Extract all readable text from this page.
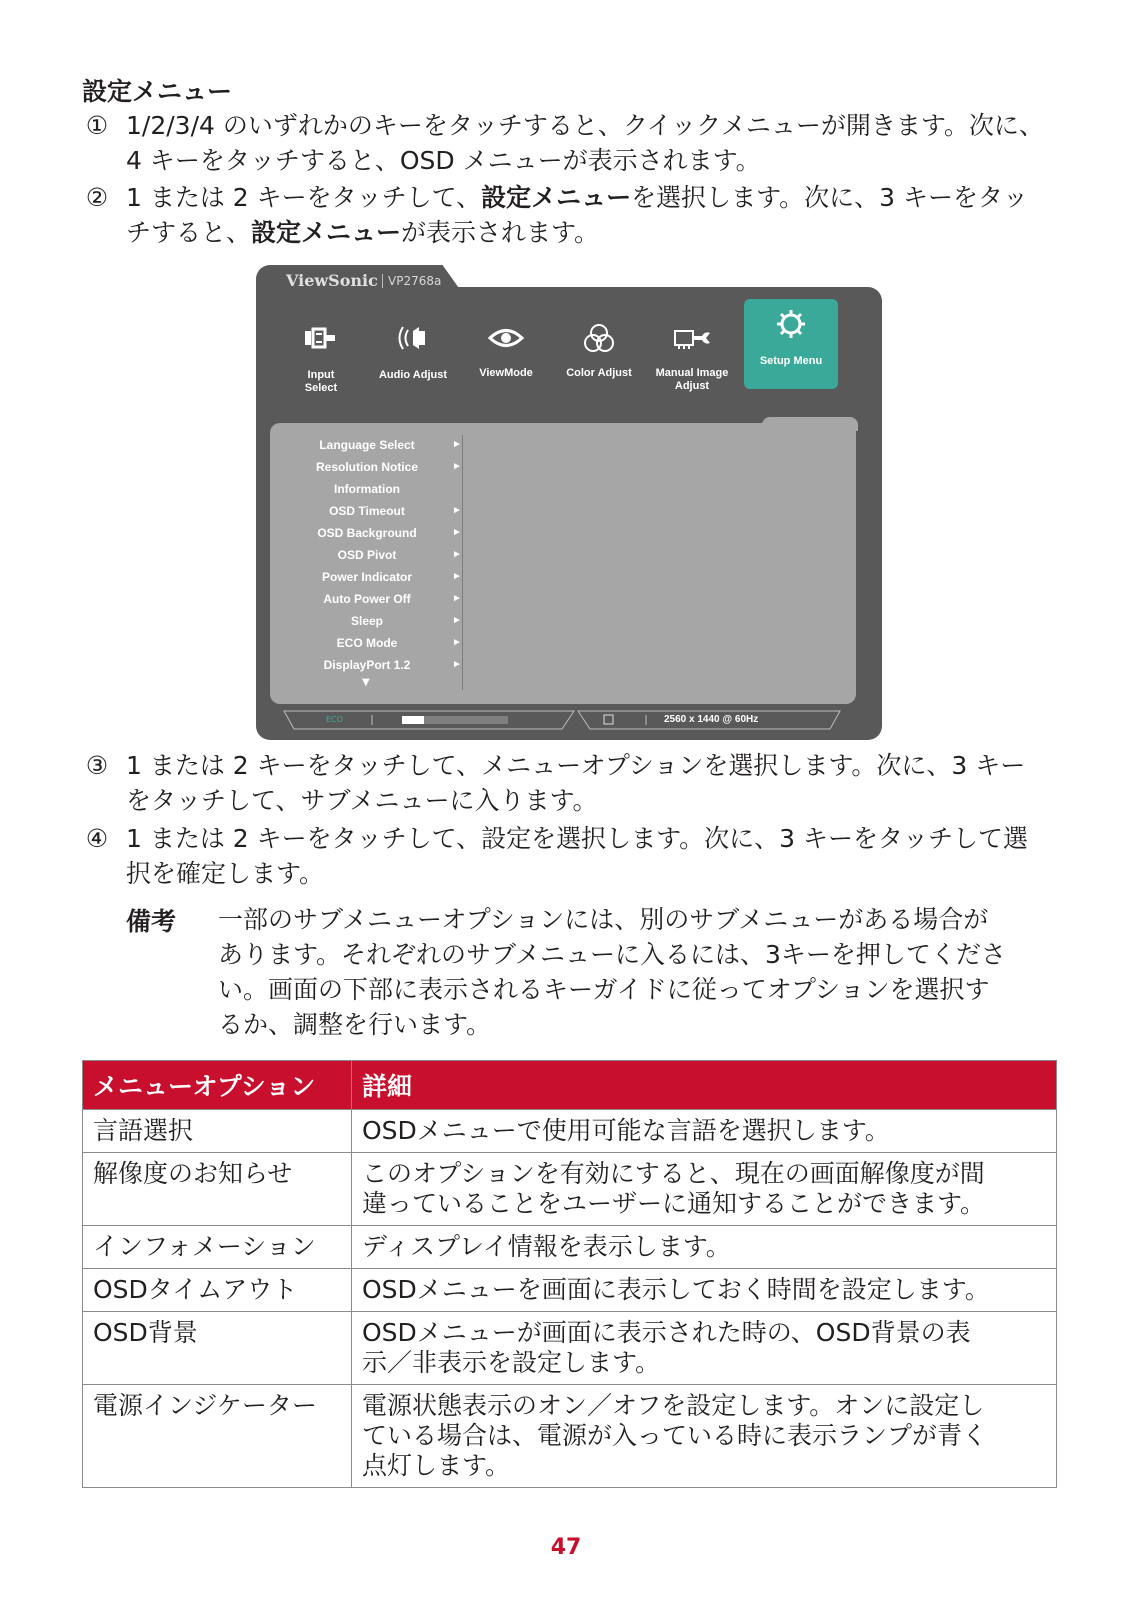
設定メニュー
① 1/2/3/4 のいずれかのキーをタッチすると、クイックメニューが開きます。次に、
4 キーをタッチすると、OSD メニューが表示されます。
② 1 または 2 キーをタッチして、設定メニューを選択します。次に、3 キーをタッ
チすると、設定メニューが表示されます。
Input
Select
Audio Adjust	ViewMode	Color Adjust	Manual Image
Adjust
Setup Menu
Language Select	►
Resolution Notice	►
Information
OSD Timeout	►
OSD Background	►
OSD Pivot	►
Power Indicator	►
Auto Power Off	►
Sleep	►
ECO Mode	►
DisplayPort 1.2	►
▼
ECO	2560 x 1440 @ 60Hz
ViewSonic VP2768a
③ 1 または 2 キーをタッチして、メニューオプションを選択します。次に、3 キー
をタッチして、サブメニューに入ります。
④ 1 または 2 キーをタッチして、設定を選択します。次に、3 キーをタッチして選
択を確定します。
備考 一部のサブメニューオプションには、別のサブメニューがある場合が
あります。それぞれのサブメニューに入るには、3キーを押してくださ
い。画面の下部に表示されるキーガイドに従ってオプションを選択す
るか、調整を行います。
メニューオプション	詳細
言語選択	OSDメニューで使用可能な言語を選択します。

解像度のお知らせ	このオプションを有効にすると、現在の画面解像度が間
違っていることをユーザーに通知することができます。

インフォメーション	ディスプレイ情報を表示します。

OSDタイムアウト	OSDメニューを画面に表示しておく時間を設定します。

OSD背景	OSDメニューが画面に表示された時の、OSD背景の表
示／非表示を設定します。

電源インジケーター	電源状態表示のオン／オフを設定します。オンに設定し
ている場合は、電源が入っている時に表示ランプが青く
点灯します。
47
